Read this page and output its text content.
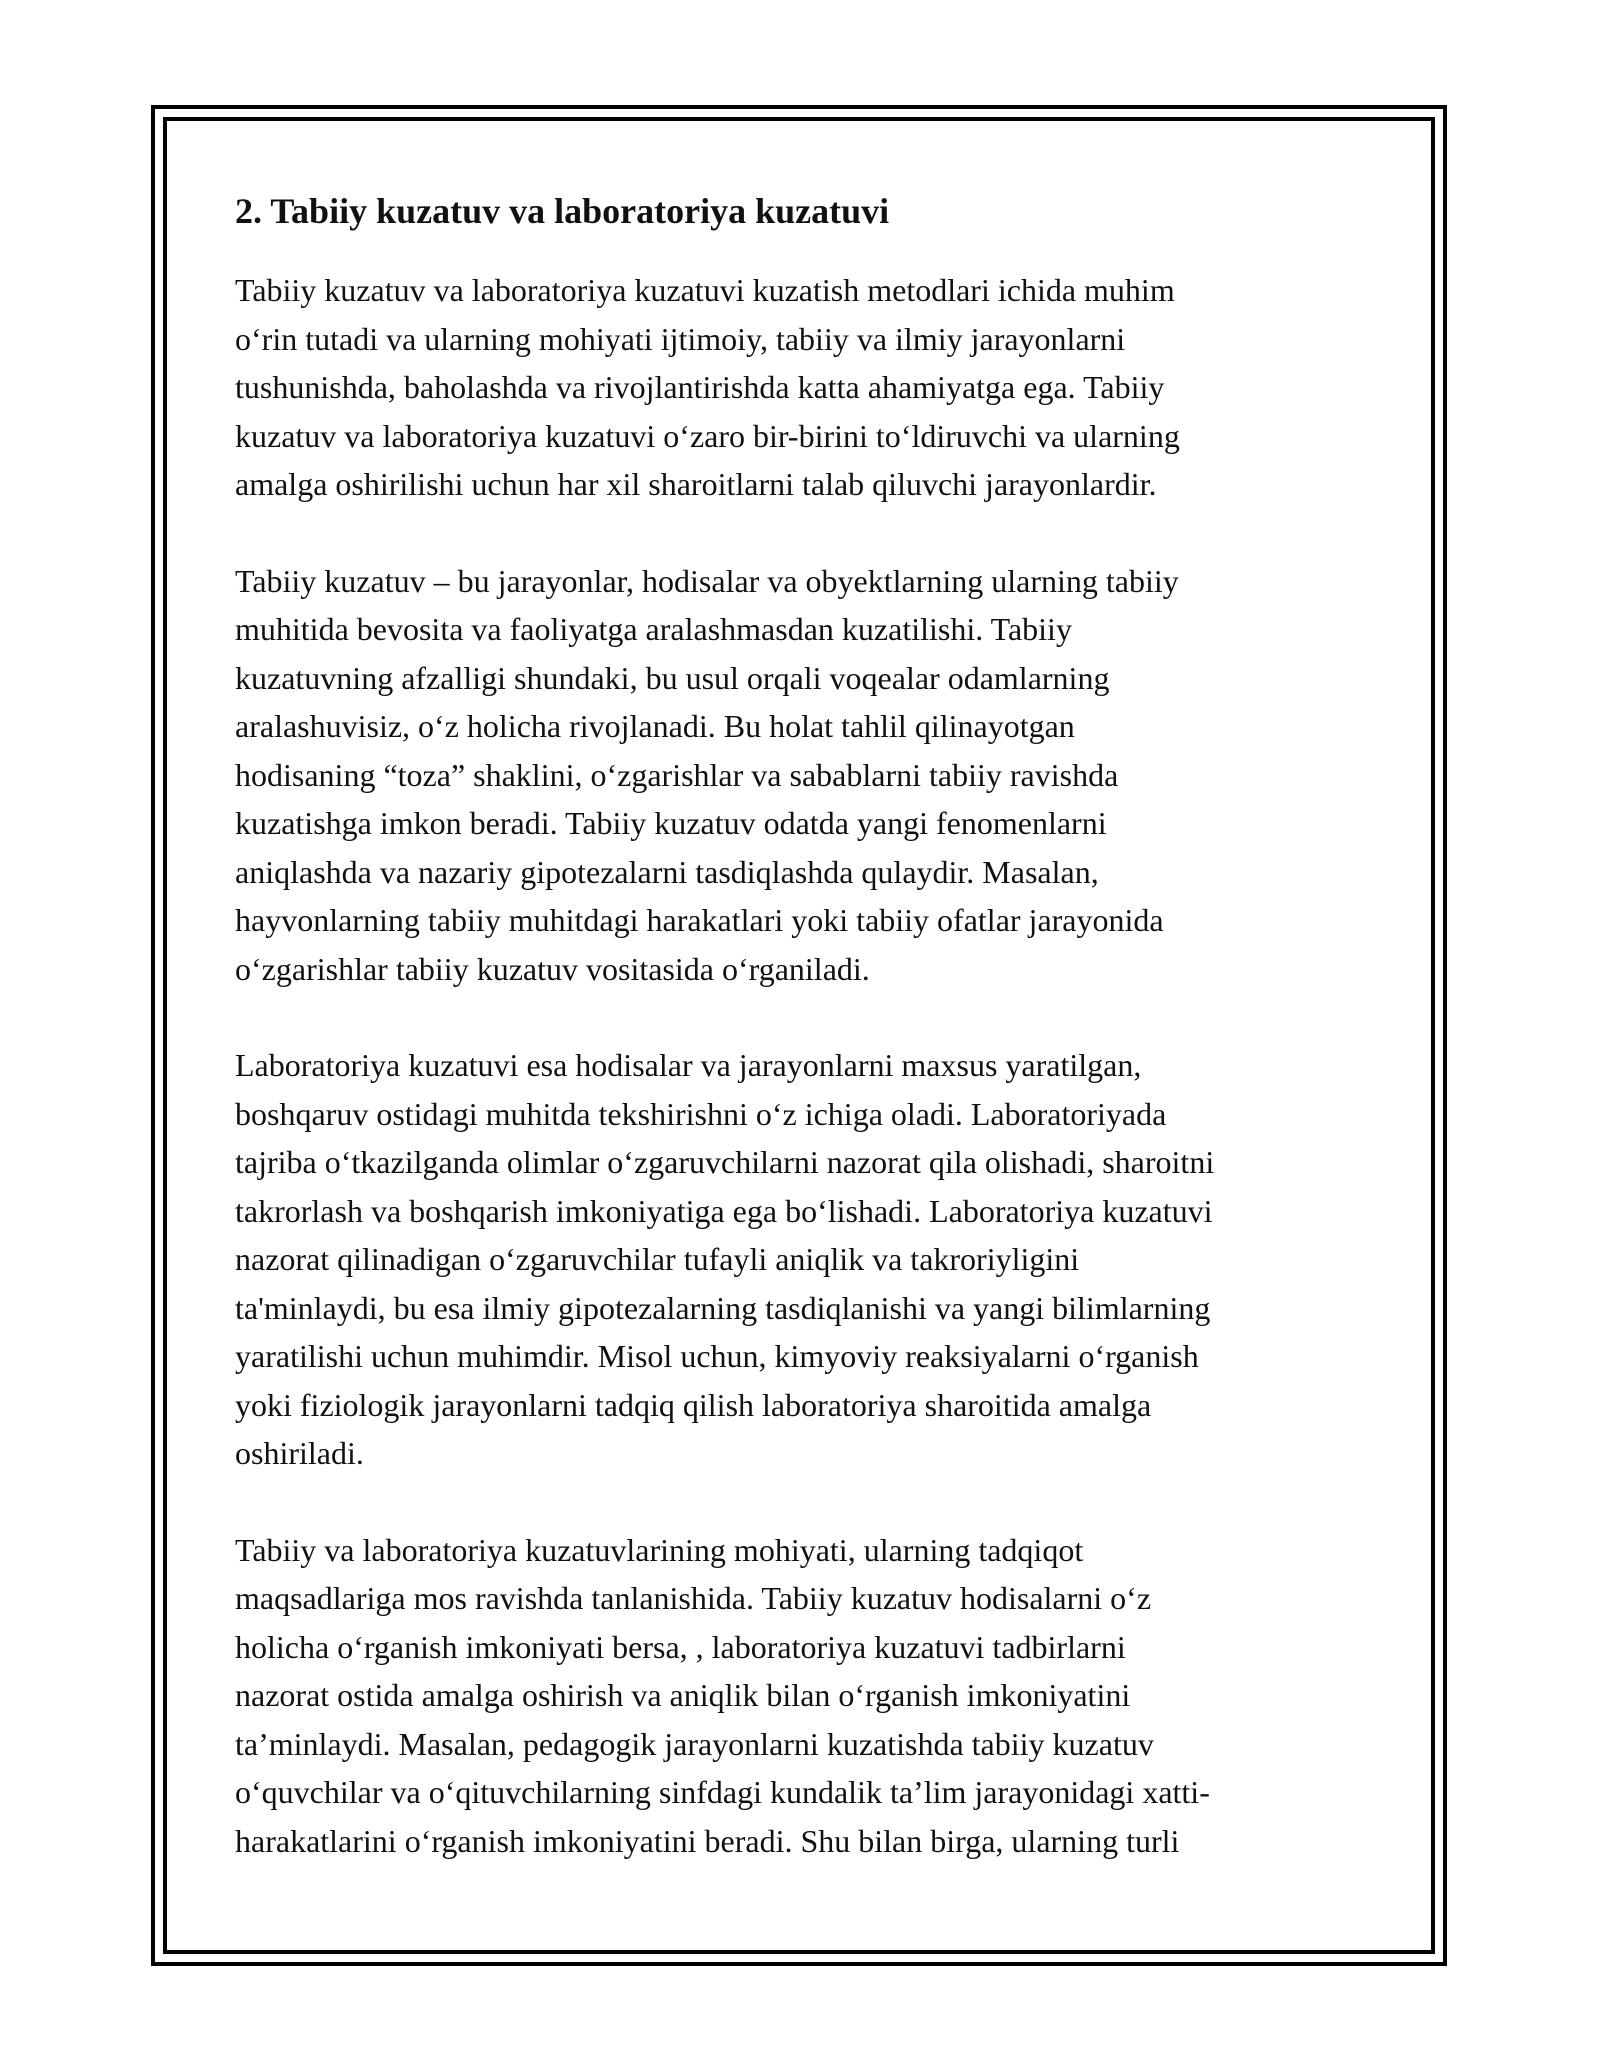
2. Tabiiy kuzatuv va laboratoriya kuzatuvi

Tabiiy kuzatuv va laboratoriya kuzatuvi kuzatish metodlari ichida muhim
o‘rin tutadi va ularning mohiyati ijtimoiy, tabiiy va ilmiy jarayonlarni
tushunishda, baholashda va rivojlantirishda katta ahamiyatga ega. Tabiiy
kuzatuv va laboratoriya kuzatuvi o‘zaro bir-birini to‘ldiruvchi va ularning
amalga oshirilishi uchun har xil sharoitlarni talab qiluvchi jarayonlardir.

Tabiiy kuzatuv – bu jarayonlar, hodisalar va obyektlarning ularning tabiiy
muhitida bevosita va faoliyatga aralashmasdan kuzatilishi. Tabiiy
kuzatuvning afzalligi shundaki, bu usul orqali voqealar odamlarning
aralashuvisiz, o‘z holicha rivojlanadi. Bu holat tahlil qilinayotgan
hodisaning “toza” shaklini, o‘zgarishlar va sabablarni tabiiy ravishda
kuzatishga imkon beradi. Tabiiy kuzatuv odatda yangi fenomenlarni
aniqlashda va nazariy gipotezalarni tasdiqlashda qulaydir. Masalan,
hayvonlarning tabiiy muhitdagi harakatlari yoki tabiiy ofatlar jarayonida
o‘zgarishlar tabiiy kuzatuv vositasida o‘rganiladi.

Laboratoriya kuzatuvi esa hodisalar va jarayonlarni maxsus yaratilgan,
boshqaruv ostidagi muhitda tekshirishni o‘z ichiga oladi. Laboratoriyada
tajriba o‘tkazilganda olimlar o‘zgaruvchilarni nazorat qila olishadi, sharoitni
takrorlash va boshqarish imkoniyatiga ega bo‘lishadi. Laboratoriya kuzatuvi
nazorat qilinadigan o‘zgaruvchilar tufayli aniqlik va takroriyligini
ta'minlaydi, bu esa ilmiy gipotezalarning tasdiqlanishi va yangi bilimlarning
yaratilishi uchun muhimdir. Misol uchun, kimyoviy reaksiyalarni o‘rganish
yoki fiziologik jarayonlarni tadqiq qilish laboratoriya sharoitida amalga
oshiriladi.

Tabiiy va laboratoriya kuzatuvlarining mohiyati, ularning tadqiqot
maqsadlariga mos ravishda tanlanishida. Tabiiy kuzatuv hodisalarni o‘z
holicha o‘rganish imkoniyati bersa, , laboratoriya kuzatuvi tadbirlarni
nazorat ostida amalga oshirish va aniqlik bilan o‘rganish imkoniyatini
ta’minlaydi. Masalan, pedagogik jarayonlarni kuzatishda tabiiy kuzatuv
o‘quvchilar va o‘qituvchilarning sinfdagi kundalik ta’lim jarayonidagi xatti-
harakatlarini o‘rganish imkoniyatini beradi. Shu bilan birga, ularning turli
